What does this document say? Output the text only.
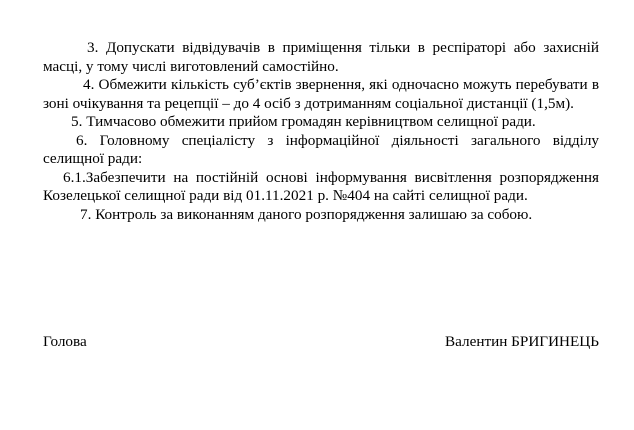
3. Допускати відвідувачів в приміщення тільки в респіраторі або захисній масці, у тому числі виготовлений самостійно.

4. Обмежити кількість суб’єктів звернення, які одночасно можуть перебувати в зоні очікування та рецепції – до 4 осіб з дотриманням соціальної дистанції (1,5м).

5. Тимчасово обмежити прийом громадян керівництвом селищної ради.

6. Головному спеціалісту з інформаційної діяльності загального відділу селищної ради:

6.1.Забезпечити на постійній основі інформування висвітлення розпорядження Козелецької селищної ради від 01.11.2021 р. №404 на сайті селищної ради.

7. Контроль за виконанням даного розпорядження залишаю за собою.

Голова	Валентин БРИГИНЕЦЬ
